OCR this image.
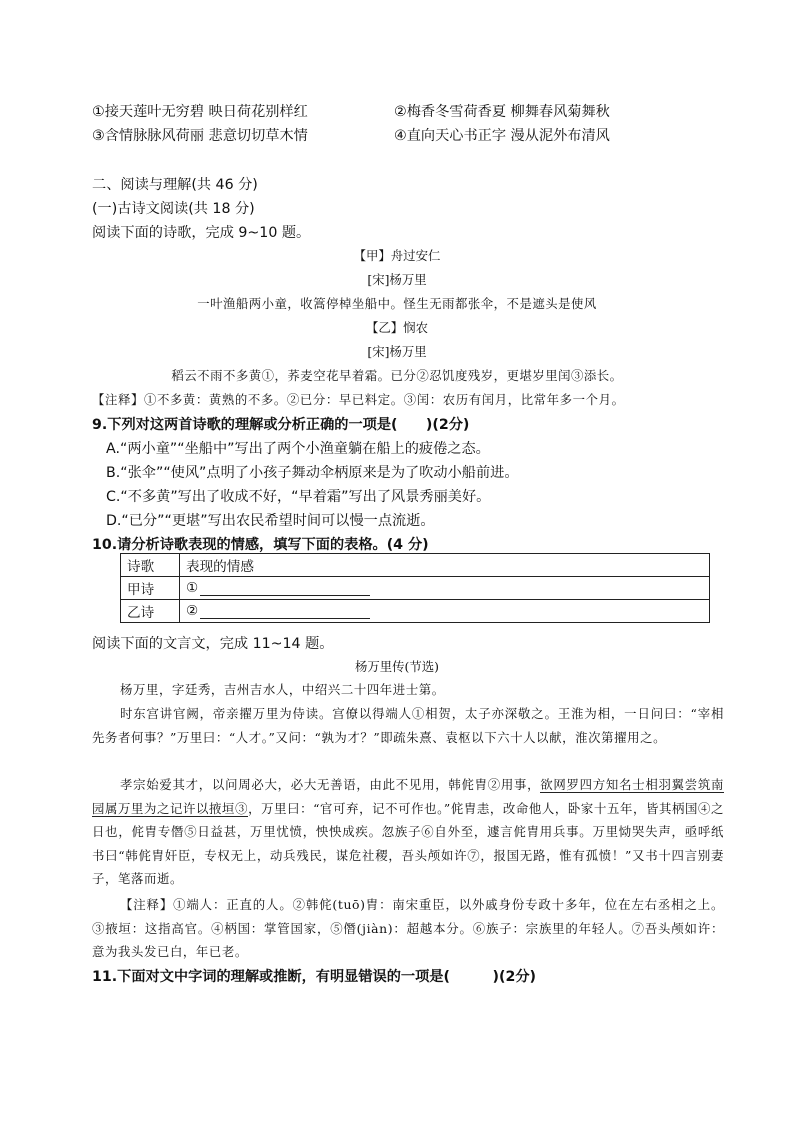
①接天莲叶无穷碧 映日荷花别样红	②梅香冬雪荷香夏 柳舞春风菊舞秋
③含情脉脉风荷丽 悲意切切草木情	④直向天心书正字 漫从泥外布清风
二、阅读与理解(共 46 分)
(一)古诗文阅读(共 18 分)
阅读下面的诗歌，完成 9~10 题。
【甲】舟过安仁
[宋]杨万里
一叶渔船两小童，收篙停棹坐船中。怪生无雨都张伞，不是遮头是使风
【乙】悯农
[宋]杨万里
稻云不雨不多黄①，荞麦空花早着霜。已分②忍饥度残岁，更堪岁里闰③添长。
【注释】①不多黄：黄熟的不多。②已分：早已料定。③闰：农历有闰月，比常年多一个月。
9.下列对这两首诗歌的理解或分析正确的一项是(　　)(2分)
A.“两小童”“坐船中”写出了两个小渔童躺在船上的疲倦之态。
B.“张伞”“使风”点明了小孩子舞动伞柄原来是为了吹动小船前进。
C.“不多黄”写出了收成不好，“早着霜”写出了风景秀丽美好。
D.“已分”“更堪”写出农民希望时间可以慢一点流逝。
10.请分析诗歌表现的情感，填写下面的表格。(4 分)
诗歌	表现的情感
甲诗	①
乙诗	②
阅读下面的文言文，完成 11~14 题。
杨万里传(节选)
杨万里，字廷秀，吉州吉水人，中绍兴二十四年进士第。
时东宫讲官阙，帝亲擢万里为侍读。宫僚以得端人①相贺，太子亦深敬之。王淮为相，一日问曰：“宰相先务者何事？”万里曰：“人才。”又问：“孰为才？”即疏朱熹、袁枢以下六十人以献，淮次第擢用之。
孝宗始爱其才，以问周必大，必大无善语，由此不见用，韩侂胄②用事，欲网罗四方知名士相羽翼尝筑南园属万里为之记许以掖垣③，万里曰：“官可弃，记不可作也。”侂胄恚，改命他人，卧家十五年，皆其柄国④之日也，侂胄专僭⑤日益甚，万里忧愤，怏怏成疾。忽族子⑥自外至，遽言侂胄用兵事。万里恸哭失声，亟呼纸书曰“韩侂胄奸臣，专权无上，动兵残民，谋危社稷，吾头颅如许⑦，报国无路，惟有孤愤！”又书十四言别妻子，笔落而逝。
【注释】①端人：正直的人。②韩侂(tuō)胄：南宋重臣，以外戚身份专政十多年，位在左右丞相之上。③掖垣：这指高官。④柄国：掌管国家，⑤僭(jiàn)：超越本分。⑥族子：宗族里的年轻人。⑦吾头颅如许：意为我头发已白，年已老。
11.下面对文中字词的理解或推断，有明显错误的一项是(　　　)(2分)
